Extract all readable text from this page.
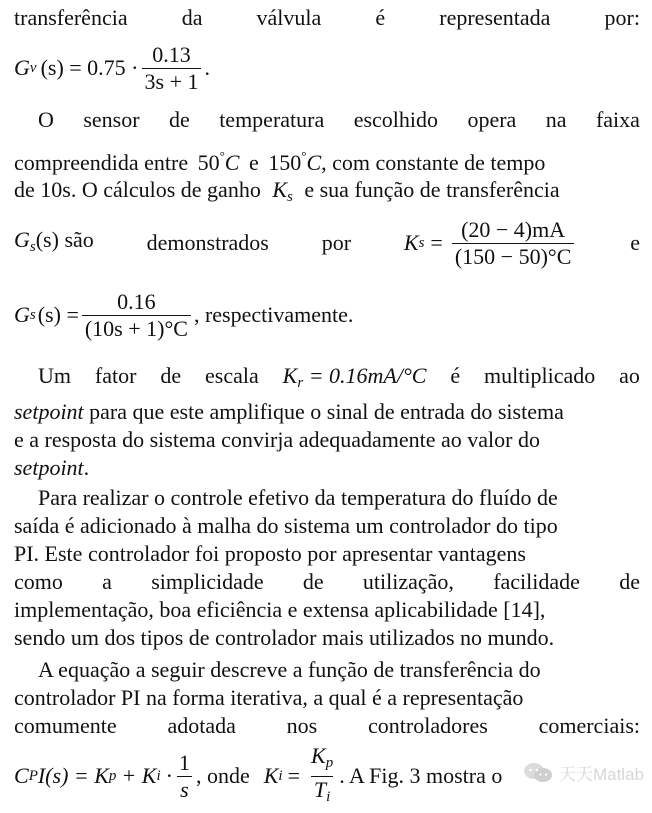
transferência da válvula é representada por:
G v $(s) = 0.75 \cdot \frac{0.13}{3s + 1}$ .
O sensor de temperatura escolhido opera na faixa
compreendida entre 50°C e 150°C, com constante de tempo
de 10s. O cálculos de ganho $K_s$ e sua função de transferência
$G_s(s)$ são demonstrados por K $s = \frac{(20 - 4)mA}{(150 - 50)^\circ C}$	e
G s $(s) = \frac{0.16}{(10s + 1)^\circ C}$ , respectivamente.
Um fator de escala $K_r = 0.16mA/^\circ C$ é multiplicado ao
setpoint para que este amplifique o sinal de entrada do sistema
e a resposta do sistema convirja adequadamente ao valor do
setpoint.
Para realizar o controle efetivo da temperatura do fluído de
saída é adicionado à malha do sistema um controlador do tipo
PI. Este controlador foi proposto por apresentar vantagens
como a simplicidade de utilização, facilidade de
implementação, boa eficiência e extensa aplicabilidade [14],
sendo um dos tipos de controlador mais utilizados no mundo.
A equação a seguir descreve a função de transferência do
controlador PI na forma iterativa, a qual é a representação
comumente adotada nos controladores comerciais:
C P I(s) = K p + K $i \cdot \frac{1}{s}$ , onde K $i = \frac{K_p}{T_i}$ . A Fig. 3 mostra o	天天Matlab
